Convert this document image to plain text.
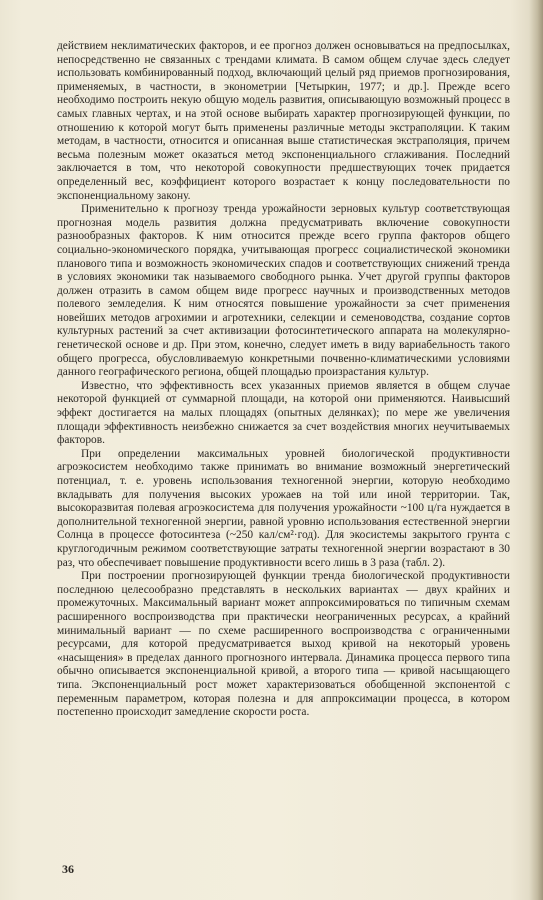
действием неклиматических факторов, и ее прогноз должен основываться на предпосылках, непосредственно не связанных с трендами климата. В самом общем случае здесь следует использовать комбинированный подход, включающий целый ряд приемов прогнозирования, применяемых, в частности, в эконометрии [Четыркин, 1977; и др.]. Прежде всего необходимо построить некую общую модель развития, описывающую возможный процесс в самых главных чертах, и на этой основе выбирать характер прогнозирующей функции, по отношению к которой могут быть применены различные методы экстраполяции. К таким методам, в частности, относится и описанная выше статистическая экстраполяция, причем весьма полезным может оказаться метод экспоненциального сглаживания. Последний заключается в том, что некоторой совокупности предшествующих точек придается определенный вес, коэффициент которого возрастает к концу последовательности по экспоненциальному закону.

Применительно к прогнозу тренда урожайности зерновых культур соответствующая прогнозная модель развития должна предусматривать включение совокупности разнообразных факторов. К ним относится прежде всего группа факторов общего социально-экономического порядка, учитывающая прогресс социалистической экономики планового типа и возможность экономических спадов и соответствующих снижений тренда в условиях экономики так называемого свободного рынка. Учет другой группы факторов должен отразить в самом общем виде прогресс научных и производственных методов полевого земледелия. К ним относятся повышение урожайности за счет применения новейших методов агрохимии и агротехники, селекции и семеноводства, создание сортов культурных растений за счет активизации фотосинтетического аппарата на молекулярно-генетической основе и др. При этом, конечно, следует иметь в виду вариабельность такого общего прогресса, обусловливаемую конкретными почвенно-климатическими условиями данного географического региона, общей площадью произрастания культур.

Известно, что эффективность всех указанных приемов является в общем случае некоторой функцией от суммарной площади, на которой они применяются. Наивысший эффект достигается на малых площадях (опытных делянках); по мере же увеличения площади эффективность неизбежно снижается за счет воздействия многих неучитываемых факторов.

При определении максимальных уровней биологической продуктивности агроэкосистем необходимо также принимать во внимание возможный энергетический потенциал, т. е. уровень использования техногенной энергии, которую необходимо вкладывать для получения высоких урожаев на той или иной территории. Так, высокоразвитая полевая агроэкосистема для получения урожайности ~100 ц/га нуждается в дополнительной техногенной энергии, равной уровню использования естественной энергии Солнца в процессе фотосинтеза (~250 кал/см²·год). Для экосистемы закрытого грунта с круглогодичным режимом соответствующие затраты техногенной энергии возрастают в 30 раз, что обеспечивает повышение продуктивности всего лишь в 3 раза (табл. 2).

При построении прогнозирующей функции тренда биологической продуктивности последнюю целесообразно представлять в нескольких вариантах — двух крайних и промежуточных. Максимальный вариант может аппроксимироваться по типичным схемам расширенного воспроизводства при практически неограниченных ресурсах, а крайний минимальный вариант — по схеме расширенного воспроизводства с ограниченными ресурсами, для которой предусматривается выход кривой на некоторый уровень «насыщения» в пределах данного прогнозного интервала. Динамика процесса первого типа обычно описывается экспоненциальной кривой, а второго типа — кривой насыщающего типа. Экспоненциальный рост может характеризоваться обобщенной экспонентой с переменным параметром, которая полезна и для аппроксимации процесса, в котором постепенно происходит замедление скорости роста.

36
